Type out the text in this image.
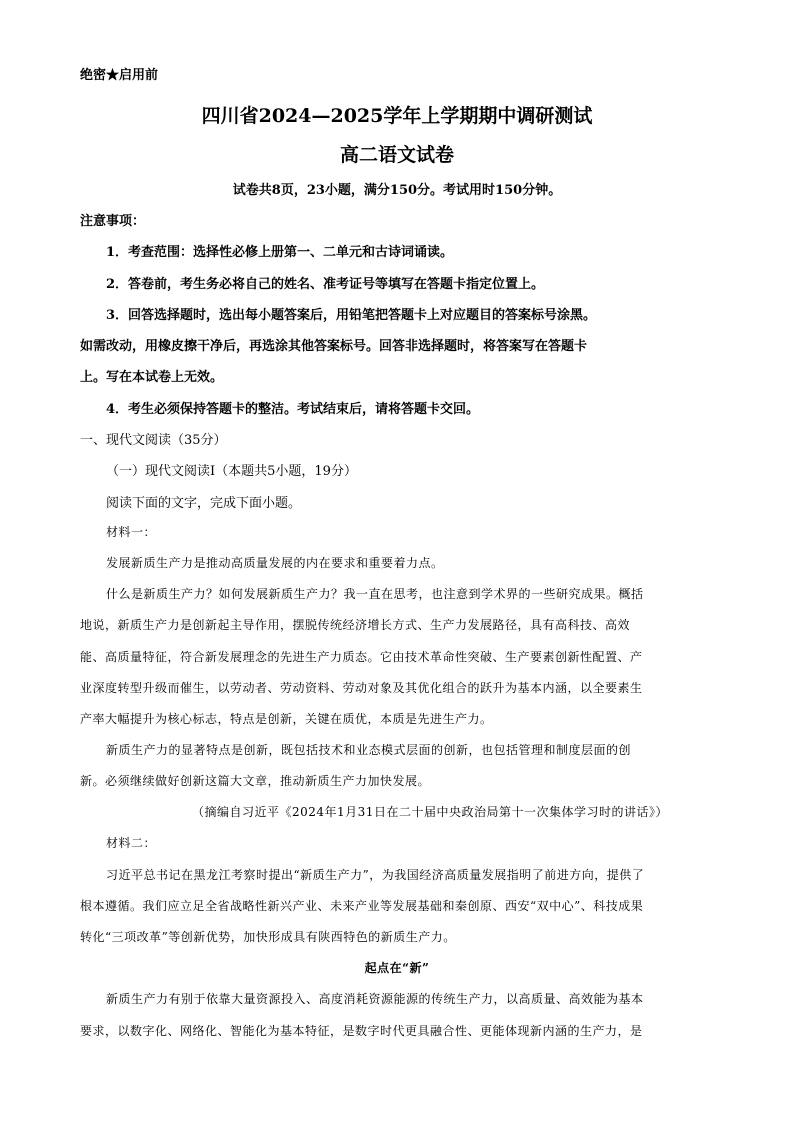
绝密★启用前
四川省2024—2025学年上学期期中调研测试
高二语文试卷
试卷共8页，23小题，满分150分。考试用时150分钟。
注意事项：
1．考查范围：选择性必修上册第一、二单元和古诗词诵读。
2．答卷前，考生务必将自己的姓名、准考证号等填写在答题卡指定位置上。
3．回答选择题时，选出每小题答案后，用铅笔把答题卡上对应题目的答案标号涂黑。
如需改动，用橡皮擦干净后，再选涂其他答案标号。回答非选择题时，将答案写在答题卡
上。写在本试卷上无效。
4．考生必须保持答题卡的整洁。考试结束后，请将答题卡交回。
一、现代文阅读（35分）
（一）现代文阅读Ⅰ（本题共5小题，19分）
阅读下面的文字，完成下面小题。
材料一：
发展新质生产力是推动高质量发展的内在要求和重要着力点。
什么是新质生产力？如何发展新质生产力？我一直在思考，也注意到学术界的一些研究成果。概括
地说，新质生产力是创新起主导作用，摆脱传统经济增长方式、生产力发展路径，具有高科技、高效
能、高质量特征，符合新发展理念的先进生产力质态。它由技术革命性突破、生产要素创新性配置、产
业深度转型升级而催生，以劳动者、劳动资料、劳动对象及其优化组合的跃升为基本内涵，以全要素生
产率大幅提升为核心标志，特点是创新，关键在质优，本质是先进生产力。
新质生产力的显著特点是创新，既包括技术和业态模式层面的创新，也包括管理和制度层面的创
新。必须继续做好创新这篇大文章，推动新质生产力加快发展。
（摘编自习近平《2024年1月31日在二十届中央政治局第十一次集体学习时的讲话》）
材料二：
习近平总书记在黑龙江考察时提出“新质生产力”，为我国经济高质量发展指明了前进方向，提供了
根本遵循。我们应立足全省战略性新兴产业、未来产业等发展基础和秦创原、西安“双中心”、科技成果
转化“三项改革”等创新优势，加快形成具有陕西特色的新质生产力。
起点在“新”
新质生产力有别于依靠大量资源投入、高度消耗资源能源的传统生产力，以高质量、高效能为基本
要求，以数字化、网络化、智能化为基本特征，是数字时代更具融合性、更能体现新内涵的生产力，是
